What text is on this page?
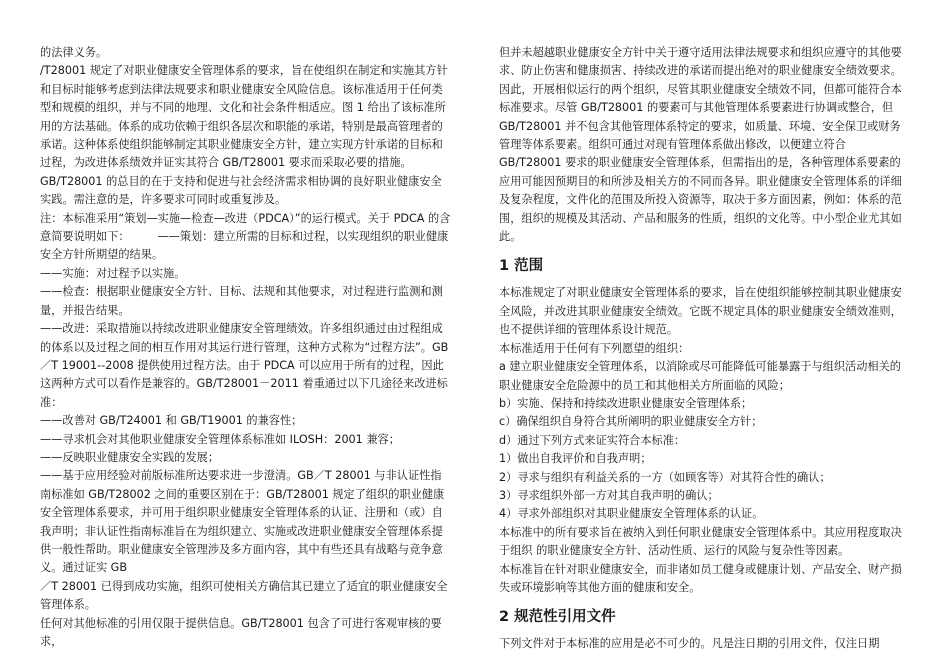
的法律义务。

/T28001 规定了对职业健康安全管理体系的要求，旨在使组织在制定和实施其方针和目标时能够考虑到法律法规要求和职业健康安全风险信息。该标准适用于任何类型和规模的组织，并与不同的地理、文化和社会条件相适应。图 1 给出了该标准所用的方法基础。体系的成功依赖于组织各层次和职能的承诺，特别是最高管理者的承诺。这种体系使组织能够制定其职业健康安全方针，建立实现方针承诺的目标和过程，为改进体系绩效并证实其符合 GB/T28001 要求而采取必要的措施。GB/T28001 的总目的在于支持和促进与社会经济需求相协调的良好职业健康安全实践。需注意的是，许多要求可同时或重复涉及。

注：本标准采用“策划—实施—检查—改进（PDCA）”的运行模式。关于 PDCA 的含意简要说明如下：　　　——策划：建立所需的目标和过程，以实现组织的职业健康安全方针所期望的结果。

——实施：对过程予以实施。

——检查：根据职业健康安全方针、目标、法规和其他要求，对过程进行监测和测量，并报告结果。

——改进：采取措施以持续改进职业健康安全管理绩效。许多组织通过由过程组成的体系以及过程之间的相互作用对其运行进行管理，这种方式称为“过程方法”。GB／T 19001--2008 提供使用过程方法。由于 PDCA 可以应用于所有的过程，因此这两种方式可以看作是兼容的。GB/T28001－2011 着重通过以下几途径来改进标准：

——改善对 GB/T24001 和 GB/T19001 的兼容性；

——寻求机会对其他职业健康安全管理体系标准如 ILOSH：2001 兼容；

——反映职业健康安全实践的发展；

——基于应用经验对前版标准所达要求进一步澄清。GB／T 28001 与非认证性指南标准如 GB/T28002 之间的重要区别在于：GB/T28001 规定了组织的职业健康安全管理体系要求，并可用于组织职业健康安全管理体系的认证、注册和（或）自我声明；非认证性指南标准旨在为组织建立、实施或改进职业健康安全管理体系提供一般性帮助。职业健康安全管理涉及多方面内容，其中有些还具有战略与竞争意义。通过证实 GB

／T 28001 已得到成功实施，组织可使相关方确信其已建立了适宜的职业健康安全管理体系。

任何对其他标准的引用仅限于提供信息。GB/T28001 包含了可进行客观审核的要求，

但并未超越职业健康安全方针中关于遵守适用法律法规要求和组织应遵守的其他要求、防止伤害和健康损害、持续改进的承诺而提出绝对的职业健康安全绩效要求。因此，开展相似运行的两个组织，尽管其职业健康安全绩效不同，但都可能符合本标准要求。尽管 GB/T28001 的要素可与其他管理体系要素进行协调或整合，但 GB/T28001 并不包含其他管理体系特定的要求，如质量、环境、安全保卫或财务管理等体系要素。组织可通过对现有管理体系做出修改，以便建立符合 GB/T28001 要求的职业健康安全管理体系，但需指出的是，各种管理体系要素的应用可能因预期目的和所涉及相关方的不同而各异。职业健康安全管理体系的详细及复杂程度，文件化的范围及所投入资源等，取决于多方面因素，例如：体系的范围，组织的规模及其活动、产品和服务的性质，组织的文化等。中小型企业尤其如此。

1 范围

本标准规定了对职业健康安全管理体系的要求，旨在使组织能够控制其职业健康安全风险，并改进其职业健康安全绩效。它既不规定具体的职业健康安全绩效准则，也不提供详细的管理体系设计规范。

本标准适用于任何有下列愿望的组织：

a 建立职业健康安全管理体系，以消除或尽可能降低可能暴露于与组织活动相关的职业健康安全危险源中的员工和其他相关方所面临的风险；

b）实施、保持和持续改进职业健康安全管理体系；

c）确保组织自身符合其所阐明的职业健康安全方针；

d）通过下列方式来证实符合本标准：

1）做出自我评价和自我声明；

2）寻求与组织有利益关系的一方（如顾客等）对其符合性的确认；

3）寻求组织外部一方对其自我声明的确认；

4）寻求外部组织对其职业健康安全管理体系的认证。

本标准中的所有要求旨在被纳入到任何职业健康安全管理体系中。其应用程度取决于组织 的职业健康安全方针、活动性质、运行的风险与复杂性等因素。

本标准旨在针对职业健康安全，而非诸如员工健身或健康计划、产品安全、财产损失或环境影响等其他方面的健康和安全。

2 规范性引用文件

下列文件对于本标准的应用是必不可少的。凡是注日期的引用文件，仅注日期
